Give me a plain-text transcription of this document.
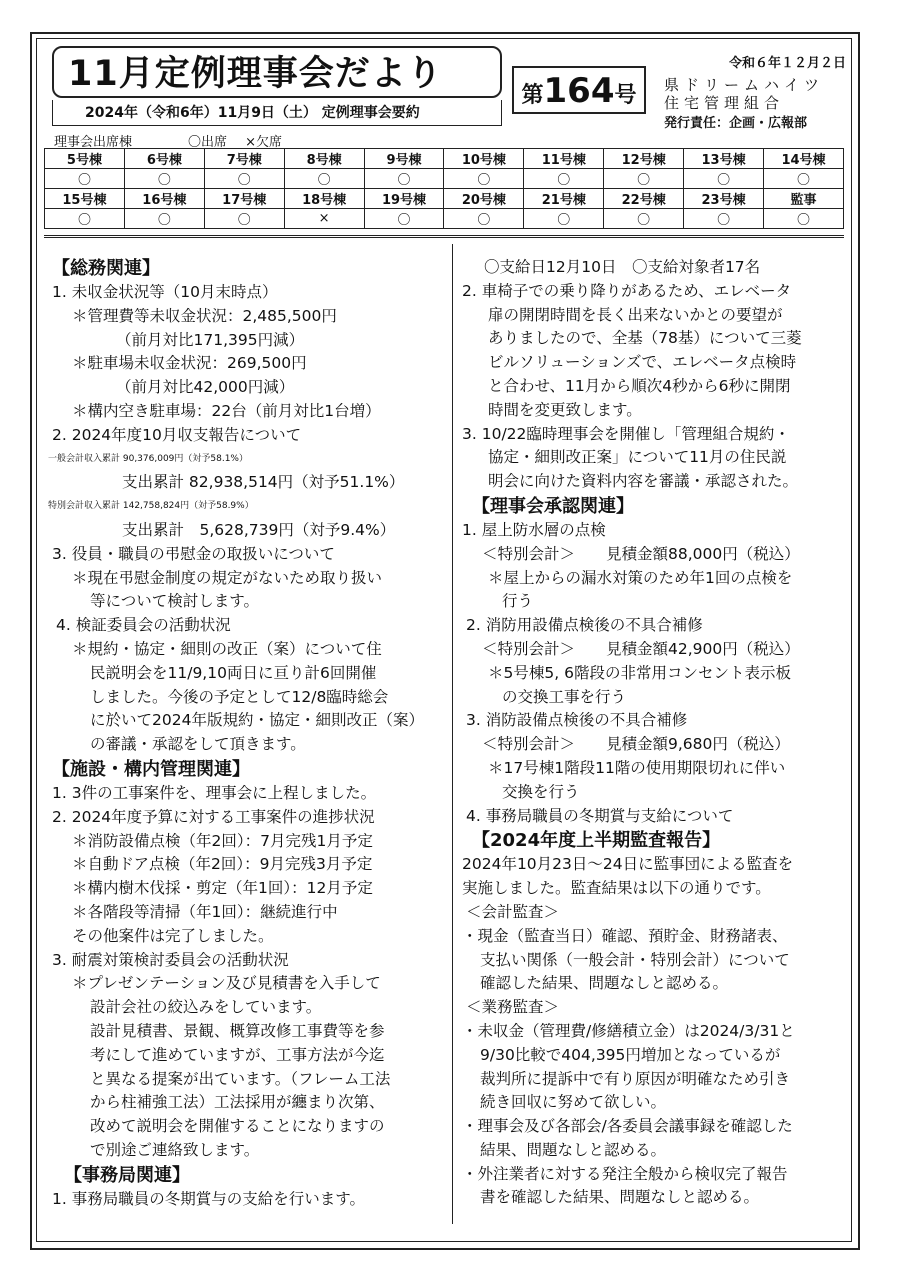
11月定例理事会だより
2024年（令和6年）11月9日（土） 定例理事会要約
第164号
令和６年１２月２日
県ドリームハイツ
住宅管理組合
発行責任：企画・広報部
理事会出席棟	〇出席 ×欠席
5号棟	6号棟	7号棟	8号棟	9号棟	10号棟	11号棟	12号棟	13号棟	14号棟
〇	〇	〇	〇	〇	〇	〇	〇	〇	〇
15号棟	16号棟	17号棟	18号棟	19号棟	20号棟	21号棟	22号棟	23号棟	監事
〇	〇	〇	×	〇	〇	〇	〇	〇	〇
【総務関連】
1. 未収金状況等（10月末時点）
＊管理費等未収金状況：2,485,500円
（前月対比171,395円減）
＊駐車場未収金状況：269,500円
（前月対比42,000円減）
＊構内空き駐車場：22台（前月対比1台増）
2. 2024年度10月収支報告について
一般会計収入累計 90,376,009円（対予58.1%）
支出累計 82,938,514円（対予51.1%）
特別会計収入累計 142,758,824円（対予58.9%）
支出累計　5,628,739円（対予9.4%）
3. 役員・職員の弔慰金の取扱いについて
＊現在弔慰金制度の規定がないため取り扱い
等について検討します。
4. 検証委員会の活動状況
＊規約・協定・細則の改正（案）について住
民説明会を11/9,10両日に亘り計6回開催
しました。今後の予定として12/8臨時総会
に於いて2024年版規約・協定・細則改正（案）
の審議・承認をして頂きます。
【施設・構内管理関連】
1. 3件の工事案件を、理事会に上程しました。
2. 2024年度予算に対する工事案件の進捗状況
＊消防設備点検（年2回）：7月完残1月予定
＊自動ドア点検（年2回）：9月完残3月予定
＊構内樹木伐採・剪定（年1回）：12月予定
＊各階段等清掃（年1回）：継続進行中
その他案件は完了しました。
3. 耐震対策検討委員会の活動状況
＊プレゼンテーション及び見積書を入手して
設計会社の絞込みをしています。
設計見積書、景観、概算改修工事費等を参
考にして進めていますが、工事方法が今迄
と異なる提案が出ています。（フレーム工法
から柱補強工法）工法採用が纏まり次第、
改めて説明会を開催することになりますの
で別途ご連絡致します。
【事務局関連】
1. 事務局職員の冬期賞与の支給を行います。
〇支給日12月10日　〇支給対象者17名
2. 車椅子での乗り降りがあるため、エレベータ
扉の開閉時間を長く出来ないかとの要望が
ありましたので、全基（78基）について三菱
ビルソリューションズで、エレベータ点検時
と合わせ、11月から順次4秒から6秒に開閉
時間を変更致します。
3. 10/22臨時理事会を開催し「管理組合規約・
協定・細則改正案」について11月の住民説
明会に向けた資料内容を審議・承認された。
【理事会承認関連】
1. 屋上防水層の点検
＜特別会計＞　　見積金額88,000円（税込）
＊屋上からの漏水対策のため年1回の点検を
行う
2. 消防用設備点検後の不具合補修
＜特別会計＞　　見積金額42,900円（税込）
＊5号棟5, 6階段の非常用コンセント表示板
の交換工事を行う
3. 消防設備点検後の不具合補修
＜特別会計＞　　見積金額9,680円（税込）
＊17号棟1階段11階の使用期限切れに伴い
交換を行う
4. 事務局職員の冬期賞与支給について
【2024年度上半期監査報告】
2024年10月23日～24日に監事団による監査を
実施しました。監査結果は以下の通りです。
＜会計監査＞
・現金（監査当日）確認、預貯金、財務諸表、
支払い関係（一般会計・特別会計）について
確認した結果、問題なしと認める。
＜業務監査＞
・未収金（管理費/修繕積立金）は2024/3/31と
9/30比較で404,395円増加となっているが
裁判所に提訴中で有り原因が明確なため引き
続き回収に努めて欲しい。
・理事会及び各部会/各委員会議事録を確認した
結果、問題なしと認める。
・外注業者に対する発注全般から検収完了報告
書を確認した結果、問題なしと認める。
